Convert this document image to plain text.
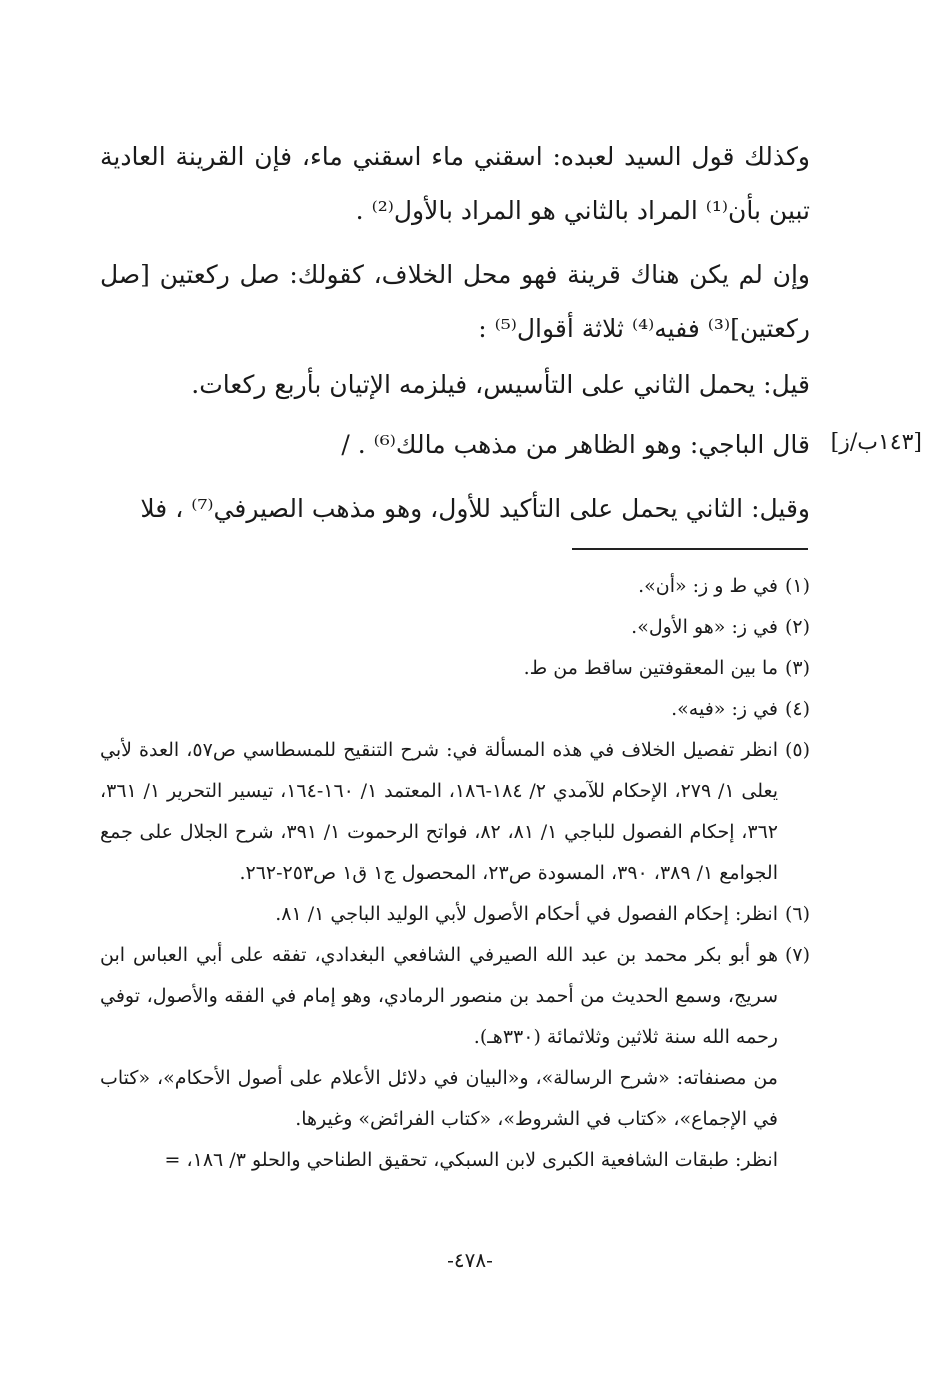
وكذلك قول السيد لعبده: اسقني ماء اسقني ماء، فإن القرينة العادية تبين بأن⁽¹⁾ المراد بالثاني هو المراد بالأول⁽²⁾ .

وإن لم يكن هناك قرينة فهو محل الخلاف، كقولك: صل ركعتين [صل ركعتين]⁽³⁾ ففيه⁽⁴⁾ ثلاثة أقوال⁽⁵⁾ :

قيل: يحمل الثاني على التأسيس، فيلزمه الإتيان بأربع ركعات.

قال الباجي: وهو الظاهر من مذهب مالك⁽⁶⁾ . / [١٤٣ب/ز]

وقيل: الثاني يحمل على التأكيد للأول، وهو مذهب الصيرفي⁽⁷⁾ ، فلا

(١)
في ط و ز: «أن».

(٢)
في ز: «هو الأول».

(٣)
ما بين المعقوفتين ساقط من ط.

(٤)
في ز: «فيه».

(٥)
انظر تفصيل الخلاف في هذه المسألة في: شرح التنقيح للمسطاسي ص٥٧، العدة لأبي يعلى ١/ ٢٧٩، الإحكام للآمدي ٢/ ١٨٤-١٨٦، المعتمد ١/ ١٦٠-١٦٤، تيسير التحرير ١/ ٣٦١، ٣٦٢، إحكام الفصول للباجي ١/ ٨١، ٨٢، فواتح الرحموت ١/ ٣٩١، شرح الجلال على جمع الجوامع ١/ ٣٨٩، ٣٩٠، المسودة ص٢٣، المحصول ج١ ق١ ص٢٥٣-٢٦٢.

(٦)
انظر: إحكام الفصول في أحكام الأصول لأبي الوليد الباجي ١/ ٨١.

(٧)
هو أبو بكر محمد بن عبد الله الصيرفي الشافعي البغدادي، تفقه على أبي العباس ابن سريج، وسمع الحديث من أحمد بن منصور الرمادي، وهو إمام في الفقه والأصول، توفي رحمه الله سنة ثلاثين وثلاثمائة (٣٣٠هـ).

من مصنفاته: «شرح الرسالة»، و«البيان في دلائل الأعلام على أصول الأحكام»، «كتاب في الإجماع»، «كتاب في الشروط»، «كتاب الفرائض» وغيرها.

انظر: طبقات الشافعية الكبرى لابن السبكي، تحقيق الطناحي والحلو ٣/ ١٨٦، =

-٤٧٨-
